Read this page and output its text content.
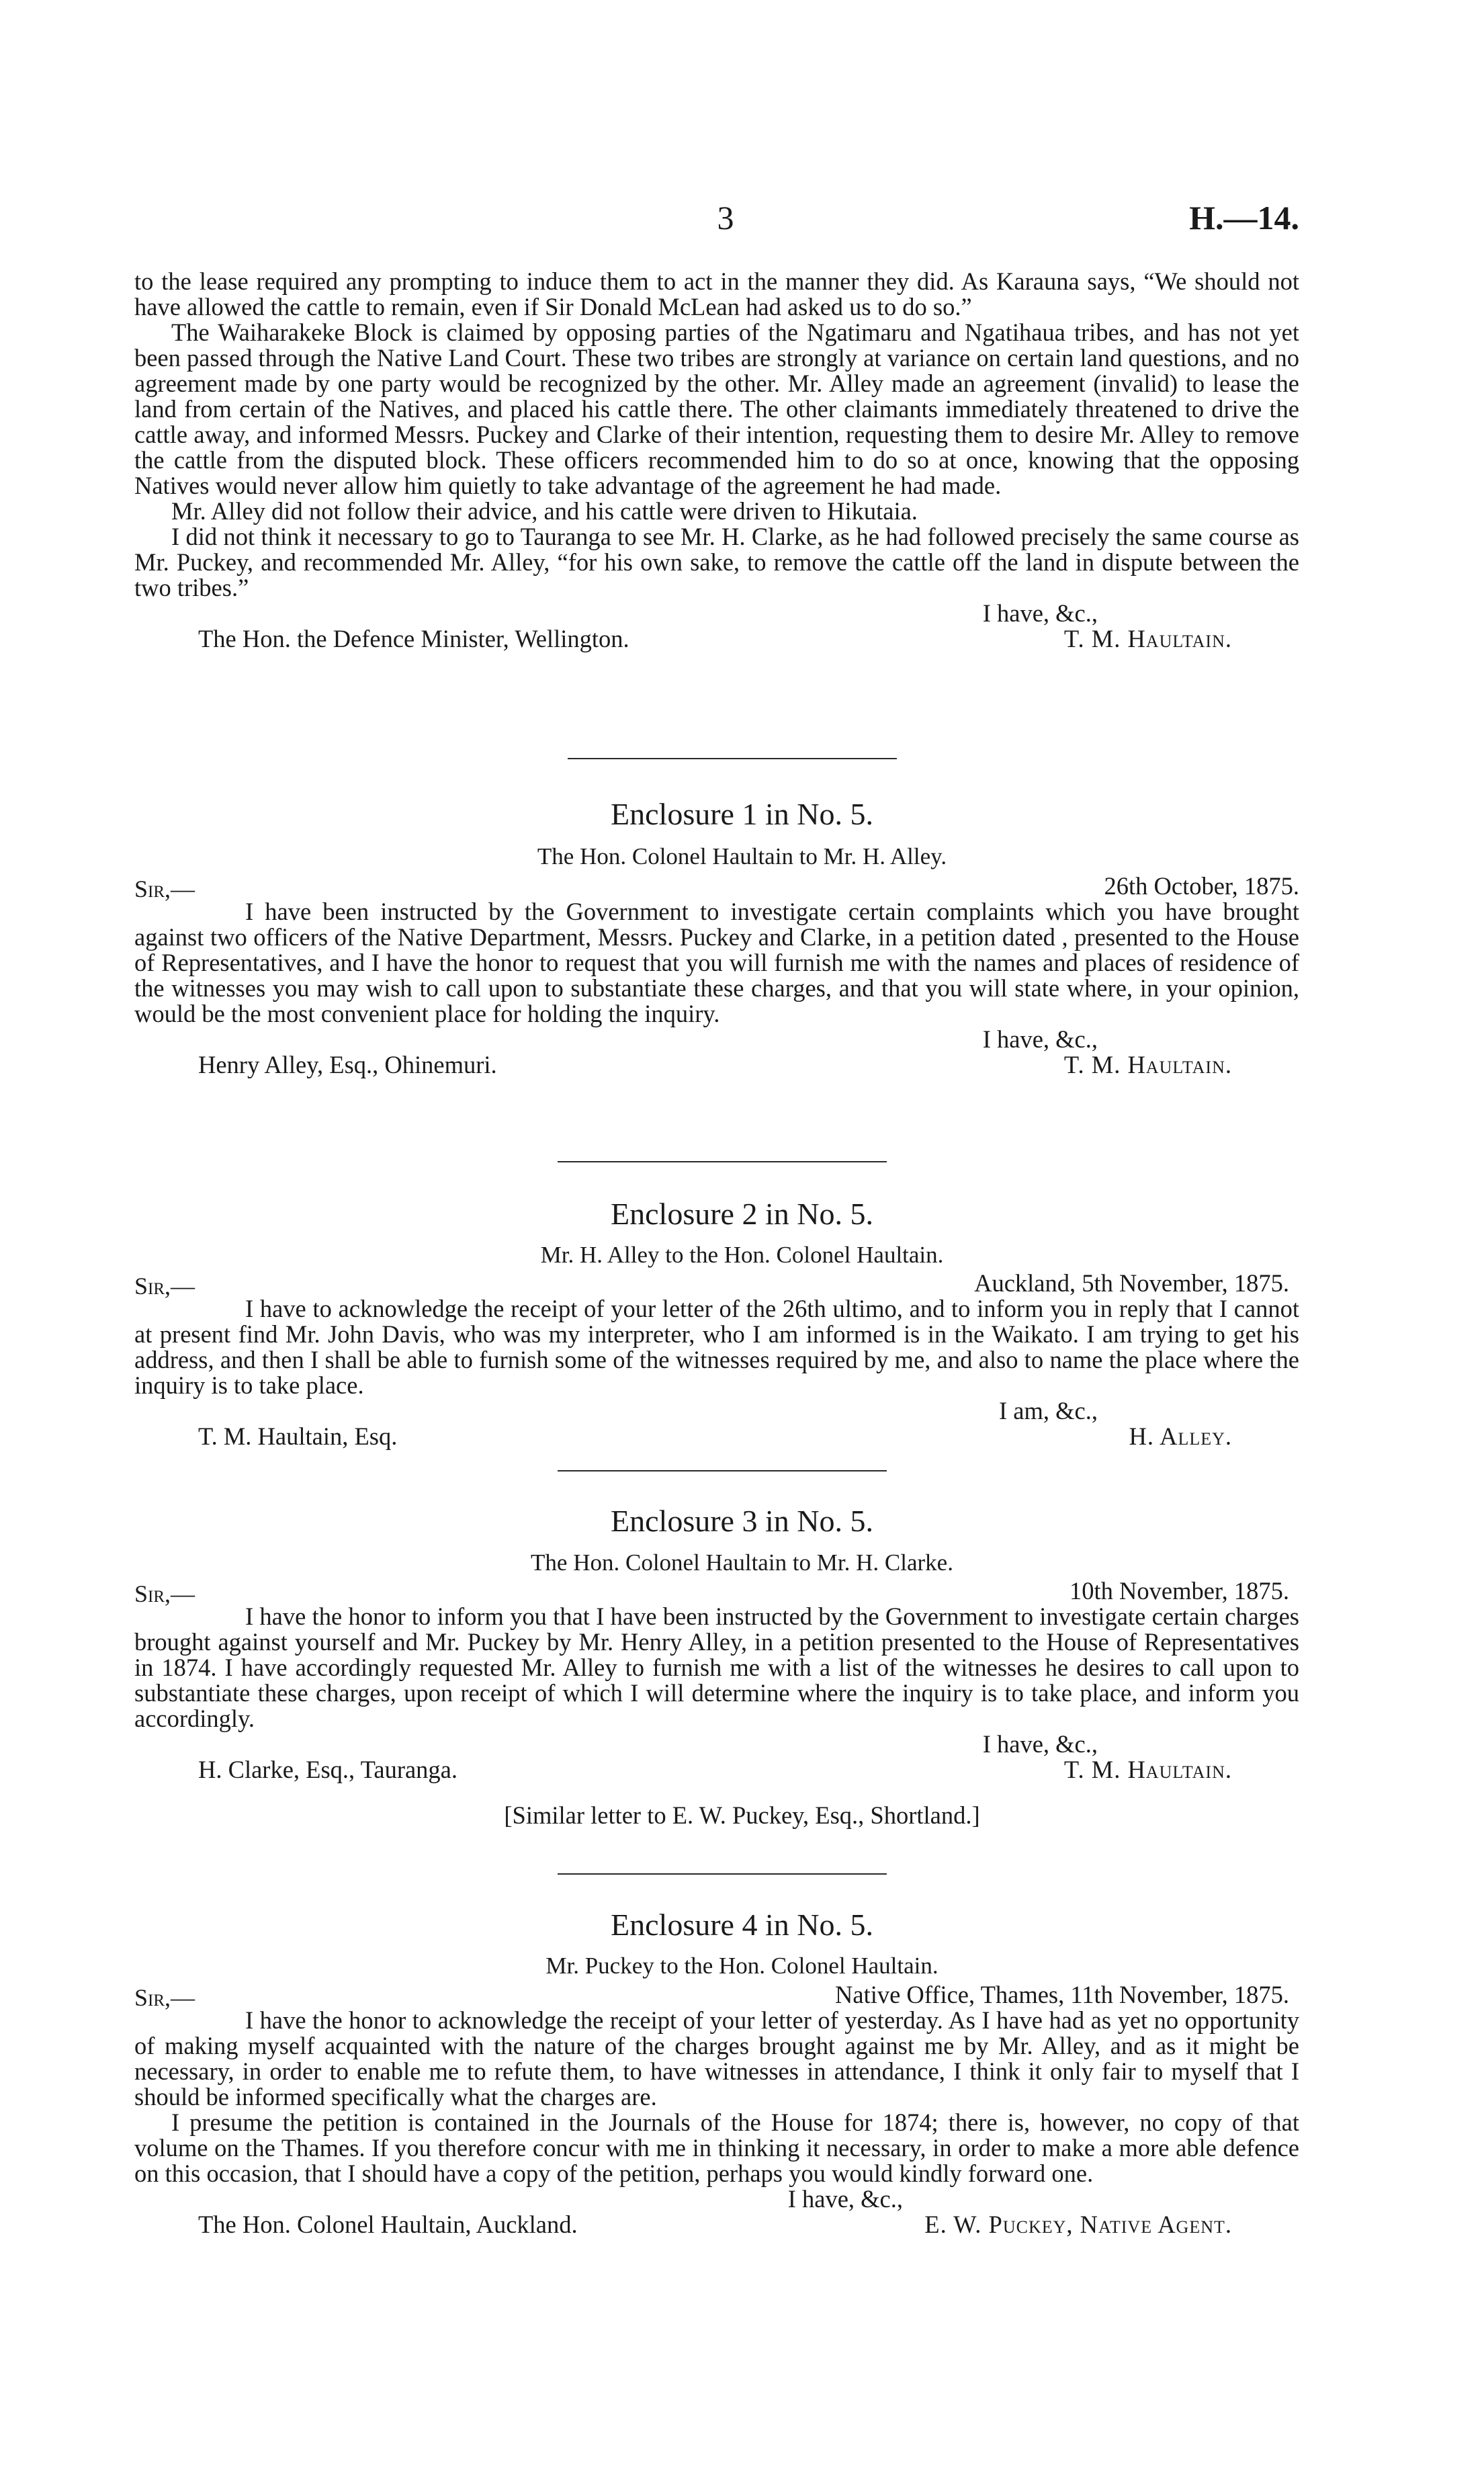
3	H.—14.

to the lease required any prompting to induce them to act in the manner they did. As Karauna says, “We should not have allowed the cattle to remain, even if Sir Donald McLean had asked us to do so.”

The Waiharakeke Block is claimed by opposing parties of the Ngatimaru and Ngatihaua tribes, and has not yet been passed through the Native Land Court. These two tribes are strongly at variance on certain land questions, and no agreement made by one party would be recognized by the other. Mr. Alley made an agreement (invalid) to lease the land from certain of the Natives, and placed his cattle there. The other claimants immediately threatened to drive the cattle away, and informed Messrs. Puckey and Clarke of their intention, requesting them to desire Mr. Alley to remove the cattle from the disputed block. These officers recommended him to do so at once, knowing that the opposing Natives would never allow him quietly to take advantage of the agreement he had made.

Mr. Alley did not follow their advice, and his cattle were driven to Hikutaia.

I did not think it necessary to go to Tauranga to see Mr. H. Clarke, as he had followed precisely the same course as Mr. Puckey, and recommended Mr. Alley, “for his own sake, to remove the cattle off the land in dispute between the two tribes.”

I have, &c.,
The Hon. the Defence Minister, Wellington.	T. M. Haultain.
Enclosure 1 in No. 5.
The Hon. Colonel Haultain to Mr. H. Alley.
Sir,—	26th October, 1875.

I have been instructed by the Government to investigate certain complaints which you have brought against two officers of the Native Department, Messrs. Puckey and Clarke, in a petition dated , presented to the House of Representatives, and I have the honor to request that you will furnish me with the names and places of residence of the witnesses you may wish to call upon to substantiate these charges, and that you will state where, in your opinion, would be the most convenient place for holding the inquiry.

I have, &c.,
Henry Alley, Esq., Ohinemuri.	T. M. Haultain.
Enclosure 2 in No. 5.
Mr. H. Alley to the Hon. Colonel Haultain.
Sir,—	Auckland, 5th November, 1875.

I have to acknowledge the receipt of your letter of the 26th ultimo, and to inform you in reply that I cannot at present find Mr. John Davis, who was my interpreter, who I am informed is in the Waikato. I am trying to get his address, and then I shall be able to furnish some of the witnesses required by me, and also to name the place where the inquiry is to take place.

I am, &c.,
T. M. Haultain, Esq.	H. Alley.
Enclosure 3 in No. 5.
The Hon. Colonel Haultain to Mr. H. Clarke.
Sir,—	10th November, 1875.

I have the honor to inform you that I have been instructed by the Government to investigate certain charges brought against yourself and Mr. Puckey by Mr. Henry Alley, in a petition presented to the House of Representatives in 1874. I have accordingly requested Mr. Alley to furnish me with a list of the witnesses he desires to call upon to substantiate these charges, upon receipt of which I will determine where the inquiry is to take place, and inform you accordingly.

I have, &c.,
H. Clarke, Esq., Tauranga.	T. M. Haultain.
[Similar letter to E. W. Puckey, Esq., Shortland.]
Enclosure 4 in No. 5.
Mr. Puckey to the Hon. Colonel Haultain.
Sir,—	Native Office, Thames, 11th November, 1875.

I have the honor to acknowledge the receipt of your letter of yesterday. As I have had as yet no opportunity of making myself acquainted with the nature of the charges brought against me by Mr. Alley, and as it might be necessary, in order to enable me to refute them, to have witnesses in attendance, I think it only fair to myself that I should be informed specifically what the charges are.

I presume the petition is contained in the Journals of the House for 1874; there is, however, no copy of that volume on the Thames. If you therefore concur with me in thinking it necessary, in order to make a more able defence on this occasion, that I should have a copy of the petition, perhaps you would kindly forward one.

I have, &c.,
The Hon. Colonel Haultain, Auckland.	E. W. Puckey, Native Agent.
